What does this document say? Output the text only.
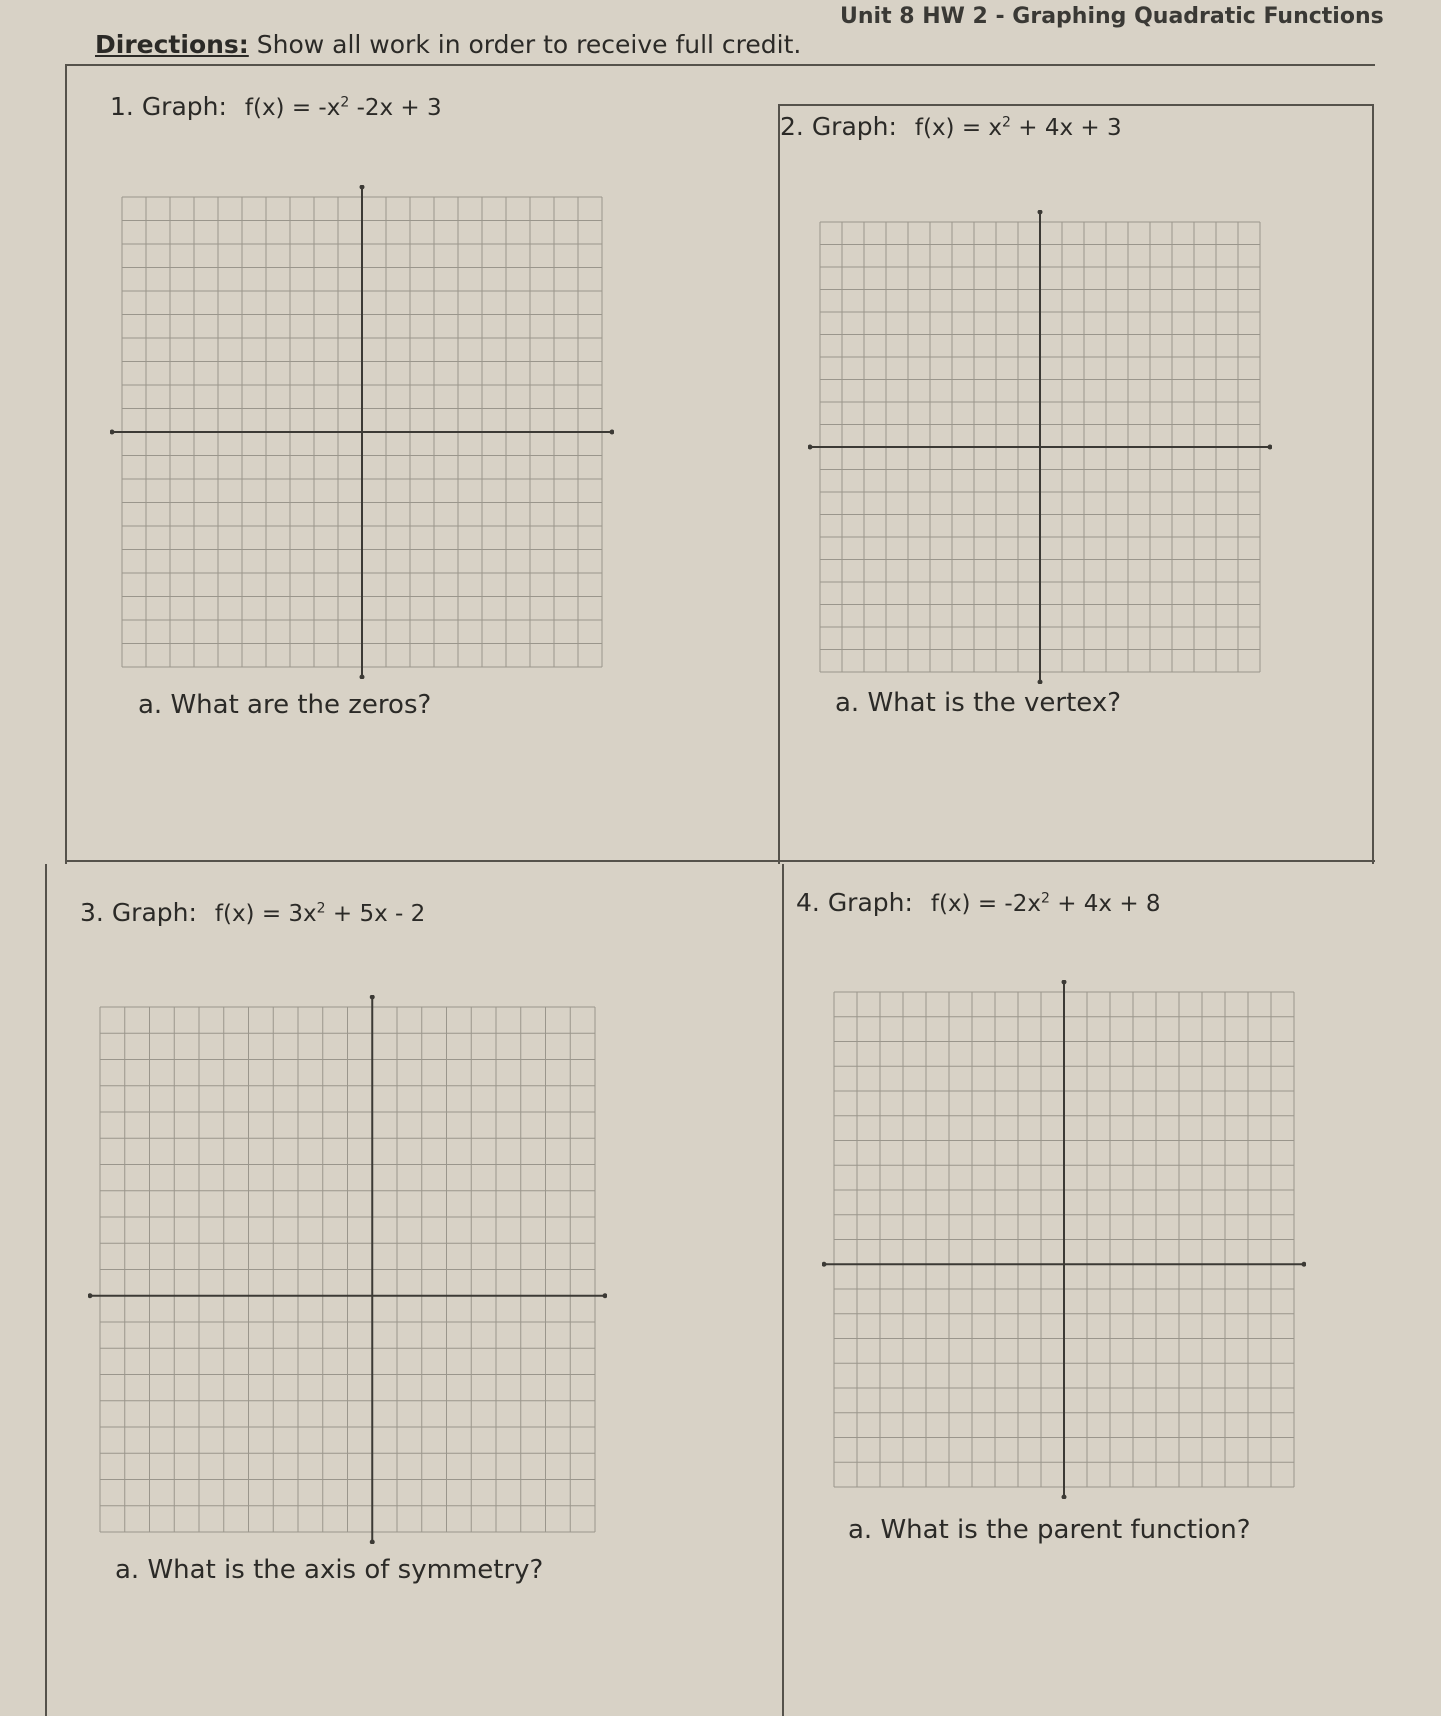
Unit 8 HW 2 - Graphing Quadratic Functions
Directions: Show all work in order to receive full credit.
1. Graph: $f(x) = -x^2$ -2x + 3
a. What are the zeros?
2. Graph: $f(x) = x^2 + 4x + 3$
a. What is the vertex?
3. Graph: $f(x) = 3x^2 + 5x - 2$
a. What is the axis of symmetry?
4. Graph: $f(x) = -2x^2 + 4x + 8$
a. What is the parent function?
